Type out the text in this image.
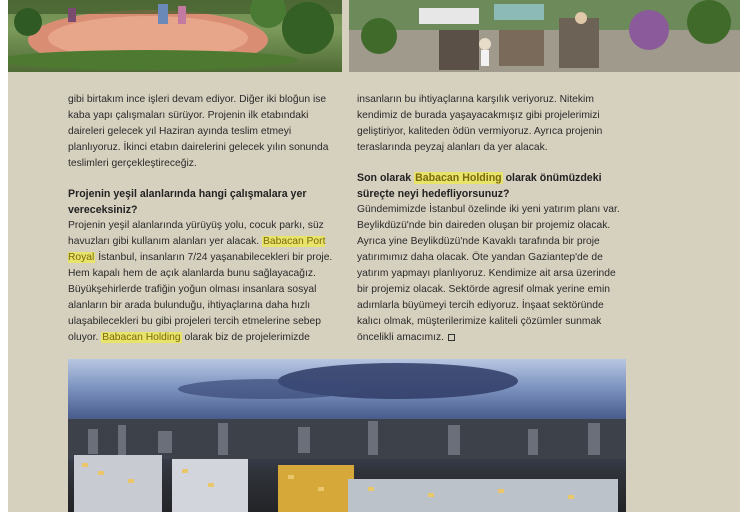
gibi birtakım ince işleri devam ediyor. Diğer iki bloğun ise kaba yapı çalışmaları sürüyor. Projenin ilk etabındaki daireleri gelecek yıl Haziran ayında teslim etmeyi planlıyoruz. İkinci etabın dairelerini gelecek yılın sonunda teslimleri gerçekleştireceğiz.

Projenin yeşil alanlarında hangi çalışmalara yer vereceksiniz?

Projenin yeşil alanlarında yürüyüş yolu, cocuk parkı, süz havuzları gibi kullanım alanları yer alacak. Babacan Port Royal İstanbul, insanların 7/24 yaşanabilecekleri bir proje. Hem kapalı hem de açık alanlarda bunu sağlayacağız. Büyükşehirlerde trafiğin yoğun olması insanlara sosyal alanların bir arada bulunduğu, ihtiyaçlarına daha hızlı ulaşabilecekleri bu gibi projeleri tercih etmelerine sebep oluyor. Babacan Holding olarak biz de projelerimizde

insanların bu ihtiyaçlarına karşılık veriyoruz. Nitekim kendimiz de burada yaşayacakmışız gibi projelerimizi geliştiriyor, kaliteden ödün vermiyoruz. Ayrıca projenin teraslarında peyzaj alanları da yer alacak.

Son olarak Babacan Holding olarak önümüzdeki süreçte neyi hedefliyorsunuz?

Gündemimizde İstanbul özelinde iki yeni yatırım planı var. Beylikdüzü'nde bin daireden oluşan bir projemiz olacak. Ayrıca yine Beylikdüzü'nde Kavaklı tarafında bir proje yatırımımız daha olacak. Öte yandan Gaziantep'de de yatırım yapmayı planlıyoruz. Kendimize ait arsa üzerinde bir projemiz olacak. Sektörde agresif olmak yerine emin adımlarla büyümeyi tercih ediyoruz. İnşaat sektöründe kalıcı olmak, müşterilerimize kaliteli çözümler sunmak öncelikli amacımız.
